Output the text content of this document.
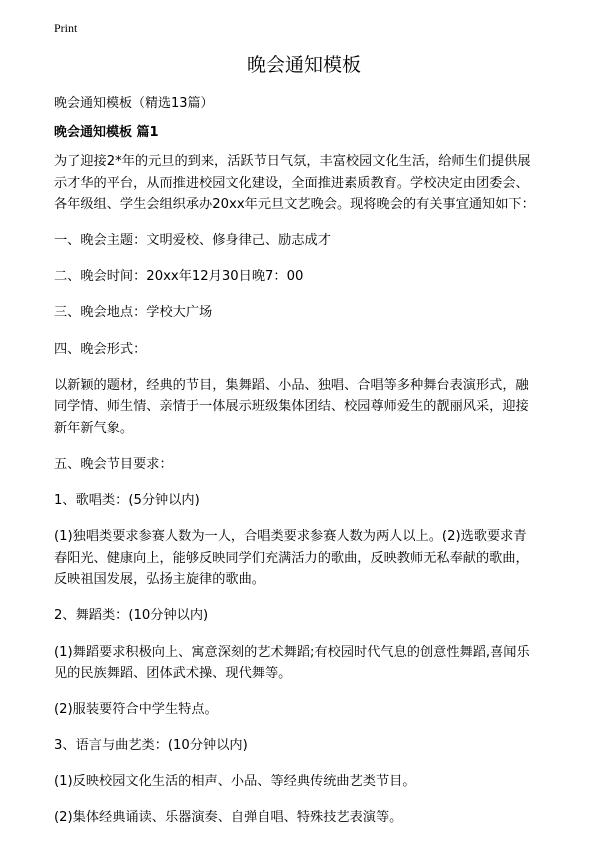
Print
晚会通知模板
晚会通知模板（精选13篇）
晚会通知模板 篇1
为了迎接2*年的元旦的到来，活跃节日气氛，丰富校园文化生活，给师生们提供展
示才华的平台，从而推进校园文化建设，全面推进素质教育。学校决定由团委会、
各年级组、学生会组织承办20xx年元旦文艺晚会。现将晚会的有关事宜通知如下：
一、晚会主题：文明爱校、修身律己、励志成才
二、晚会时间：20xx年12月30日晚7：00
三、晚会地点：学校大广场
四、晚会形式：
以新颖的题材，经典的节目，集舞蹈、小品、独唱、合唱等多种舞台表演形式，融
同学情、师生情、亲情于一体展示班级集体团结、校园尊师爱生的靓丽风采，迎接
新年新气象。
五、晚会节目要求：
1、歌唱类：(5分钟以内)
(1)独唱类要求参赛人数为一人，合唱类要求参赛人数为两人以上。(2)选歌要求青
春阳光、健康向上，能够反映同学们充满活力的歌曲，反映教师无私奉献的歌曲，
反映祖国发展，弘扬主旋律的歌曲。
2、舞蹈类：(10分钟以内)
(1)舞蹈要求积极向上、寓意深刻的艺术舞蹈;有校园时代气息的创意性舞蹈,喜闻乐
见的民族舞蹈、团体武术操、现代舞等。
(2)服装要符合中学生特点。
3、语言与曲艺类：(10分钟以内)
(1)反映校园文化生活的相声、小品、等经典传统曲艺类节目。
(2)集体经典诵读、乐器演奏、自弹自唱、特殊技艺表演等。
